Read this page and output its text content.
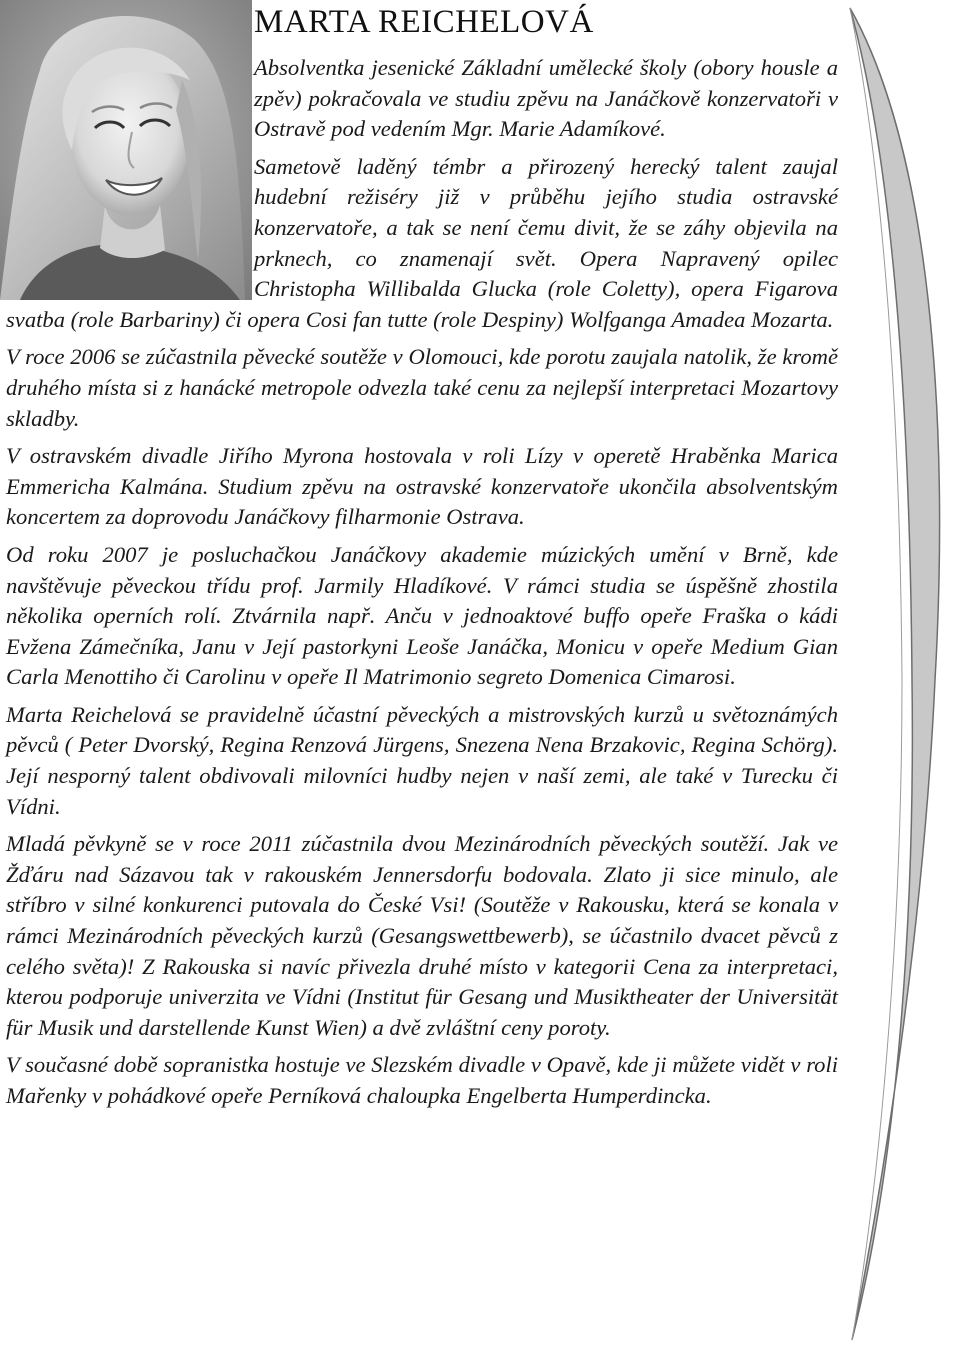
MARTA REICHELOVÁ

Absolventka jesenické Základní umělecké školy (obory housle a zpěv) pokračovala ve studiu zpěvu na Janáčkově konzervatoři v Ostravě pod vedením Mgr. Marie Adamíkové.

Sametově laděný témbr a přirozený herecký talent zaujal hudební režiséry již v průběhu jejího studia ostravské konzervatoře, a tak se není čemu divit, že se záhy objevila na prknech, co znamenají svět. Opera Napravený opilec Christopha Willibalda Glucka (role Coletty), opera Figarova svatba (role Barbariny) či opera Cosi fan tutte (role Despiny) Wolfganga Amadea Mozarta.

V roce 2006 se zúčastnila pěvecké soutěže v Olomouci, kde porotu zaujala natolik, že kromě druhého místa si z hanácké metropole odvezla také cenu za nejlepší interpretaci Mozartovy skladby.

V ostravském divadle Jiřího Myrona hostovala v roli Lízy v operetě Hraběnka Marica Emmericha Kalmána. Studium zpěvu na ostravské konzervatoře ukončila absolventským koncertem za doprovodu Janáčkovy filharmonie Ostrava.

Od roku 2007 je posluchačkou Janáčkovy akademie múzických umění v Brně, kde navštěvuje pěveckou třídu prof. Jarmily Hladíkové. V rámci studia se úspěšně zhostila několika operních rolí. Ztvárnila např. Anču v jednoaktové buffo opeře Fraška o kádi Evžena Zámečníka, Janu v Její pastorkyni Leoše Janáčka, Monicu v opeře Medium Gian Carla Menottiho či Carolinu v opeře Il Matrimonio segreto Domenica Cimarosi.

Marta Reichelová se pravidelně účastní pěveckých a mistrovských kurzů u světoznámých pěvců ( Peter Dvorský, Regina Renzová Jürgens, Snezena Nena Brzakovic, Regina Schörg). Její nesporný talent obdivovali milovníci hudby nejen v naší zemi, ale také v Turecku či Vídni.

Mladá pěvkyně se v roce 2011 zúčastnila dvou Mezinárodních pěveckých soutěží. Jak ve Žďáru nad Sázavou tak v rakouském Jennersdorfu bodovala. Zlato ji sice minulo, ale stříbro v silné konkurenci putovala do České Vsi! (Soutěže v Rakousku, která se konala v rámci Mezinárodních pěveckých kurzů (Gesangswettbewerb), se účastnilo dvacet pěvců z celého světa)! Z Rakouska si navíc přivezla druhé místo v kategorii Cena za interpretaci, kterou podporuje univerzita ve Vídni (Institut für Gesang und Musiktheater der Universität für Musik und darstellende Kunst Wien) a dvě zvláštní ceny poroty.

V současné době sopranistka hostuje ve Slezském divadle v Opavě, kde ji můžete vidět v roli Mařenky v pohádkové opeře Perníková chaloupka Engelberta Humperdincka.
